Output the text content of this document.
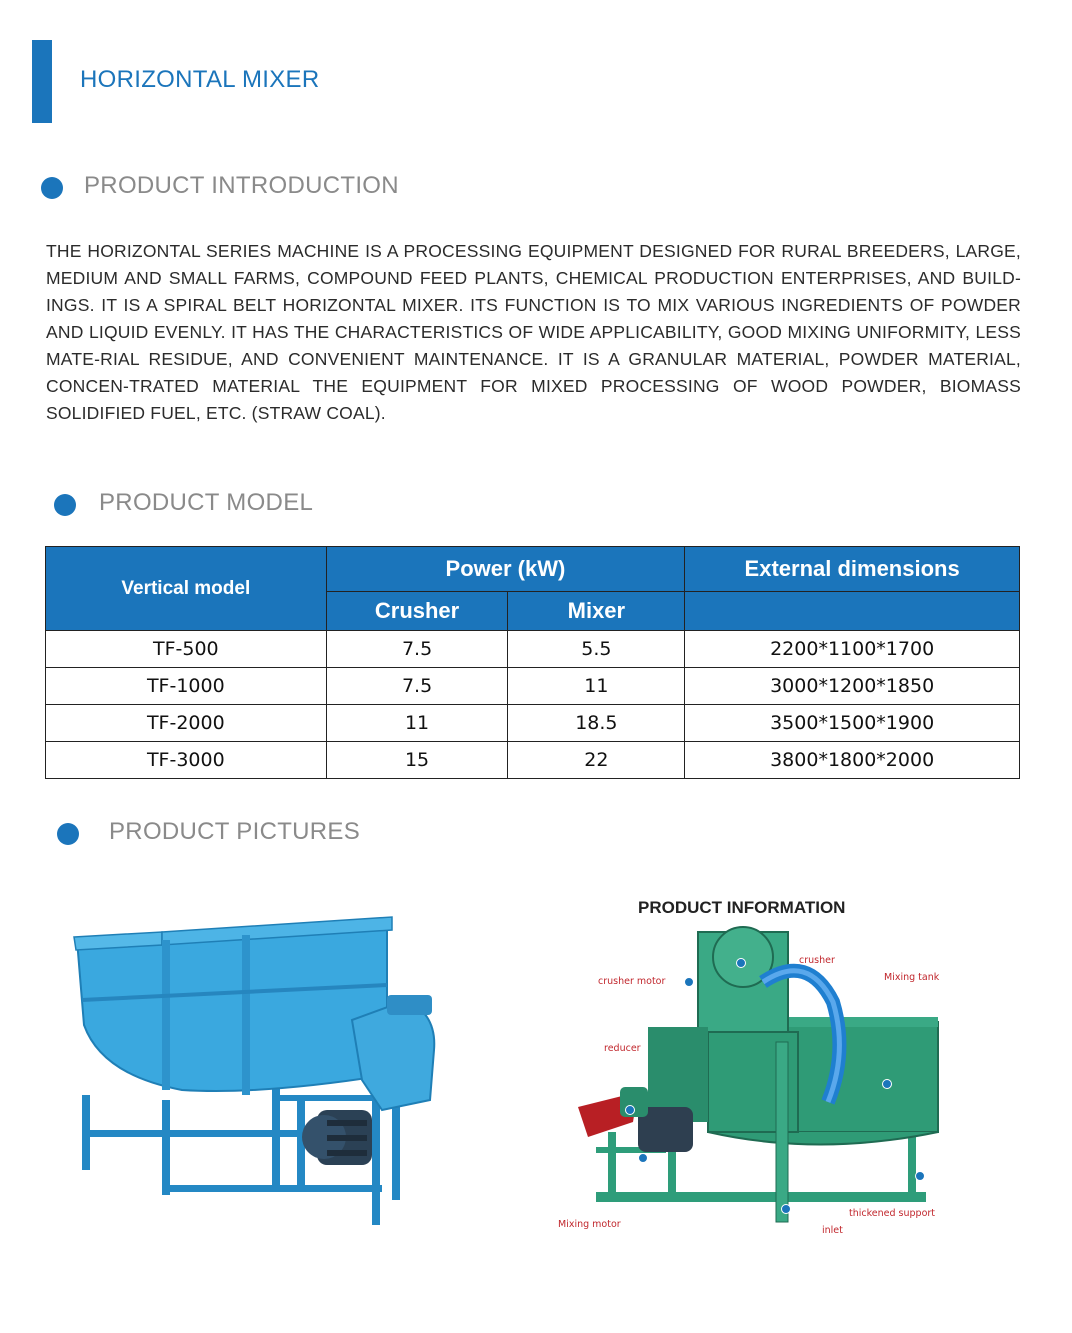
HORIZONTAL MIXER
PRODUCT INTRODUCTION

THE HORIZONTAL SERIES MACHINE IS A PROCESSING EQUIPMENT DESIGNED FOR RURAL BREEDERS, LARGE, MEDIUM AND SMALL FARMS, COMPOUND FEED PLANTS, CHEMICAL PRODUCTION ENTERPRISES, AND BUILD-INGS. IT IS A SPIRAL BELT HORIZONTAL MIXER. ITS FUNCTION IS TO MIX VARIOUS INGREDIENTS OF POWDER AND LIQUID EVENLY. IT HAS THE CHARACTERISTICS OF WIDE APPLICABILITY, GOOD MIXING UNIFORMITY, LESS MATE-RIAL RESIDUE, AND CONVENIENT MAINTENANCE. IT IS A GRANULAR MATERIAL, POWDER MATERIAL, CONCEN-TRATED MATERIAL THE EQUIPMENT FOR MIXED PROCESSING OF WOOD POWDER, BIOMASS SOLIDIFIED FUEL, ETC. (STRAW COAL).

PRODUCT MODEL
Vertical model	Power (kW)		External dimensions
	Crusher	Mixer	
TF-500	7.5	5.5	2200*1100*1700
TF-1000	7.5	11	3000*1200*1850
TF-2000	11	18.5	3500*1500*1900
TF-3000	15	22	3800*1800*2000
PRODUCT PICTURES
PRODUCT INFORMATION
crusher
crusher motor	Mixing tank
reducer
Mixing motor
inlet
thickened support
